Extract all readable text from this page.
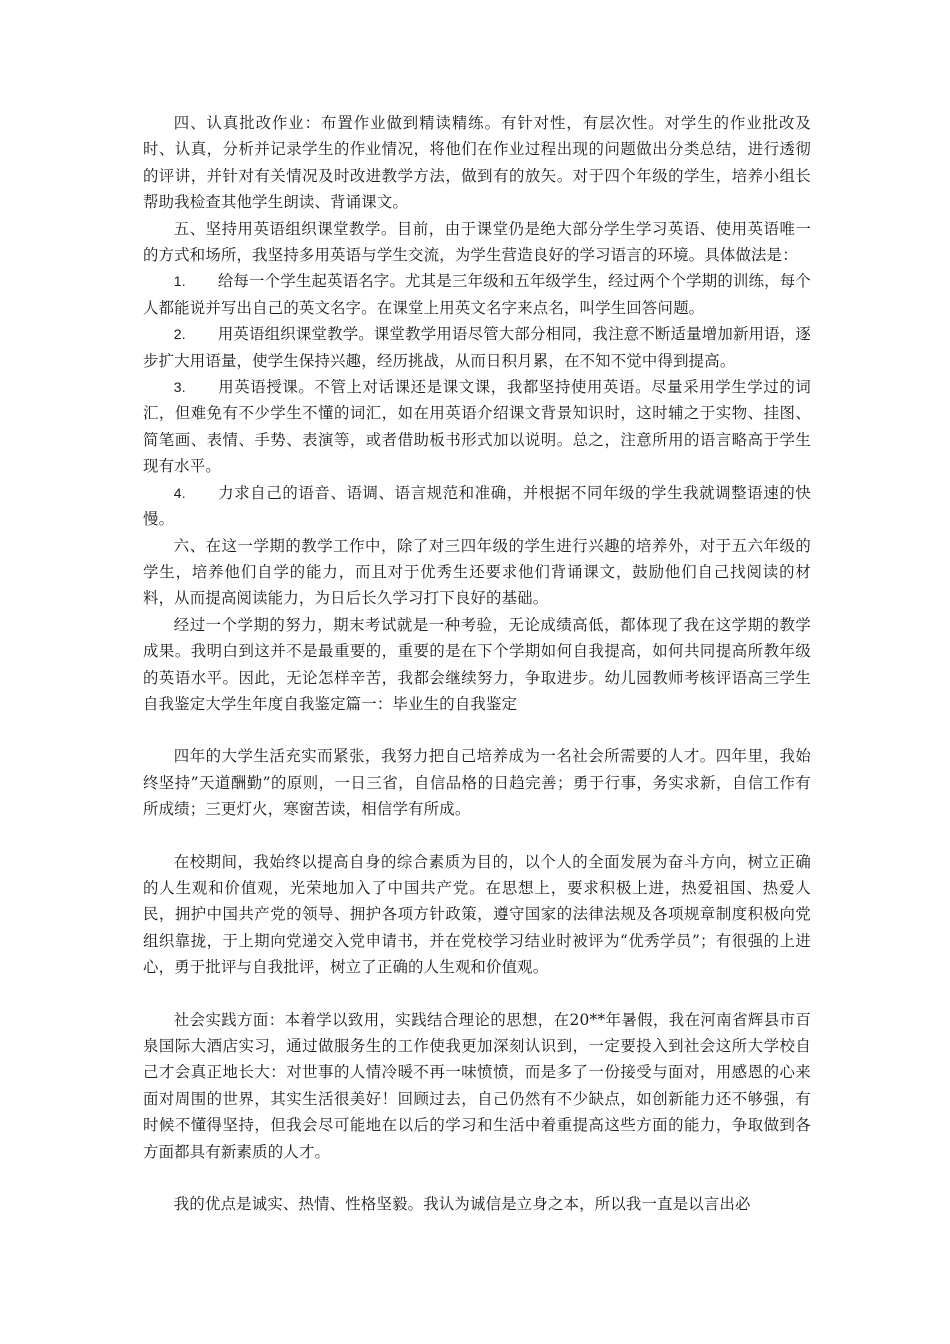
四、认真批改作业：布置作业做到精读精练。有针对性，有层次性。对学生的作业批改及时、认真，分析并记录学生的作业情况，将他们在作业过程出现的问题做出分类总结，进行透彻的评讲，并针对有关情况及时改进教学方法，做到有的放矢。对于四个年级的学生，培养小组长帮助我检查其他学生朗读、背诵课文。

五、坚持用英语组织课堂教学。目前，由于课堂仍是绝大部分学生学习英语、使用英语唯一的方式和场所，我坚持多用英语与学生交流，为学生营造良好的学习语言的环境。具体做法是：

1. 给每一个学生起英语名字。尤其是三年级和五年级学生，经过两个个学期的训练，每个人都能说并写出自己的英文名字。在课堂上用英文名字来点名，叫学生回答问题。

2. 用英语组织课堂教学。课堂教学用语尽管大部分相同，我注意不断适量增加新用语，逐步扩大用语量，使学生保持兴趣，经历挑战，从而日积月累，在不知不觉中得到提高。

3. 用英语授课。不管上对话课还是课文课，我都坚持使用英语。尽量采用学生学过的词汇，但难免有不少学生不懂的词汇，如在用英语介绍课文背景知识时，这时辅之于实物、挂图、简笔画、表情、手势、表演等，或者借助板书形式加以说明。总之，注意所用的语言略高于学生现有水平。

4. 力求自己的语音、语调、语言规范和准确，并根据不同年级的学生我就调整语速的快慢。

六、在这一学期的教学工作中，除了对三四年级的学生进行兴趣的培养外，对于五六年级的学生，培养他们自学的能力，而且对于优秀生还要求他们背诵课文，鼓励他们自己找阅读的材料，从而提高阅读能力，为日后长久学习打下良好的基础。

经过一个学期的努力，期末考试就是一种考验，无论成绩高低，都体现了我在这学期的教学成果。我明白到这并不是最重要的，重要的是在下个学期如何自我提高，如何共同提高所教年级的英语水平。因此，无论怎样辛苦，我都会继续努力，争取进步。幼儿园教师考核评语高三学生自我鉴定大学生年度自我鉴定篇一：毕业生的自我鉴定

四年的大学生活充实而紧张，我努力把自己培养成为一名社会所需要的人才。四年里，我始终坚持”天道酬勤”的原则，一日三省，自信品格的日趋完善；勇于行事，务实求新，自信工作有所成绩；三更灯火，寒窗苦读，相信学有所成。

在校期间，我始终以提高自身的综合素质为目的，以个人的全面发展为奋斗方向，树立正确的人生观和价值观，光荣地加入了中国共产党。在思想上，要求积极上进，热爱祖国、热爱人民，拥护中国共产党的领导、拥护各项方针政策，遵守国家的法律法规及各项规章制度积极向党组织靠拢，于上期向党递交入党申请书，并在党校学习结业时被评为“优秀学员”；有很强的上进心，勇于批评与自我批评，树立了正确的人生观和价值观。

社会实践方面：本着学以致用，实践结合理论的思想，在20**年暑假，我在河南省辉县市百泉国际大酒店实习，通过做服务生的工作使我更加深刻认识到，一定要投入到社会这所大学校自己才会真正地长大：对世事的人情冷暖不再一味愤愤，而是多了一份接受与面对，用感恩的心来面对周围的世界，其实生活很美好！回顾过去，自己仍然有不少缺点，如创新能力还不够强，有时候不懂得坚持，但我会尽可能地在以后的学习和生活中着重提高这些方面的能力，争取做到各方面都具有新素质的人才。

我的优点是诚实、热情、性格坚毅。我认为诚信是立身之本，所以我一直是以言出必
